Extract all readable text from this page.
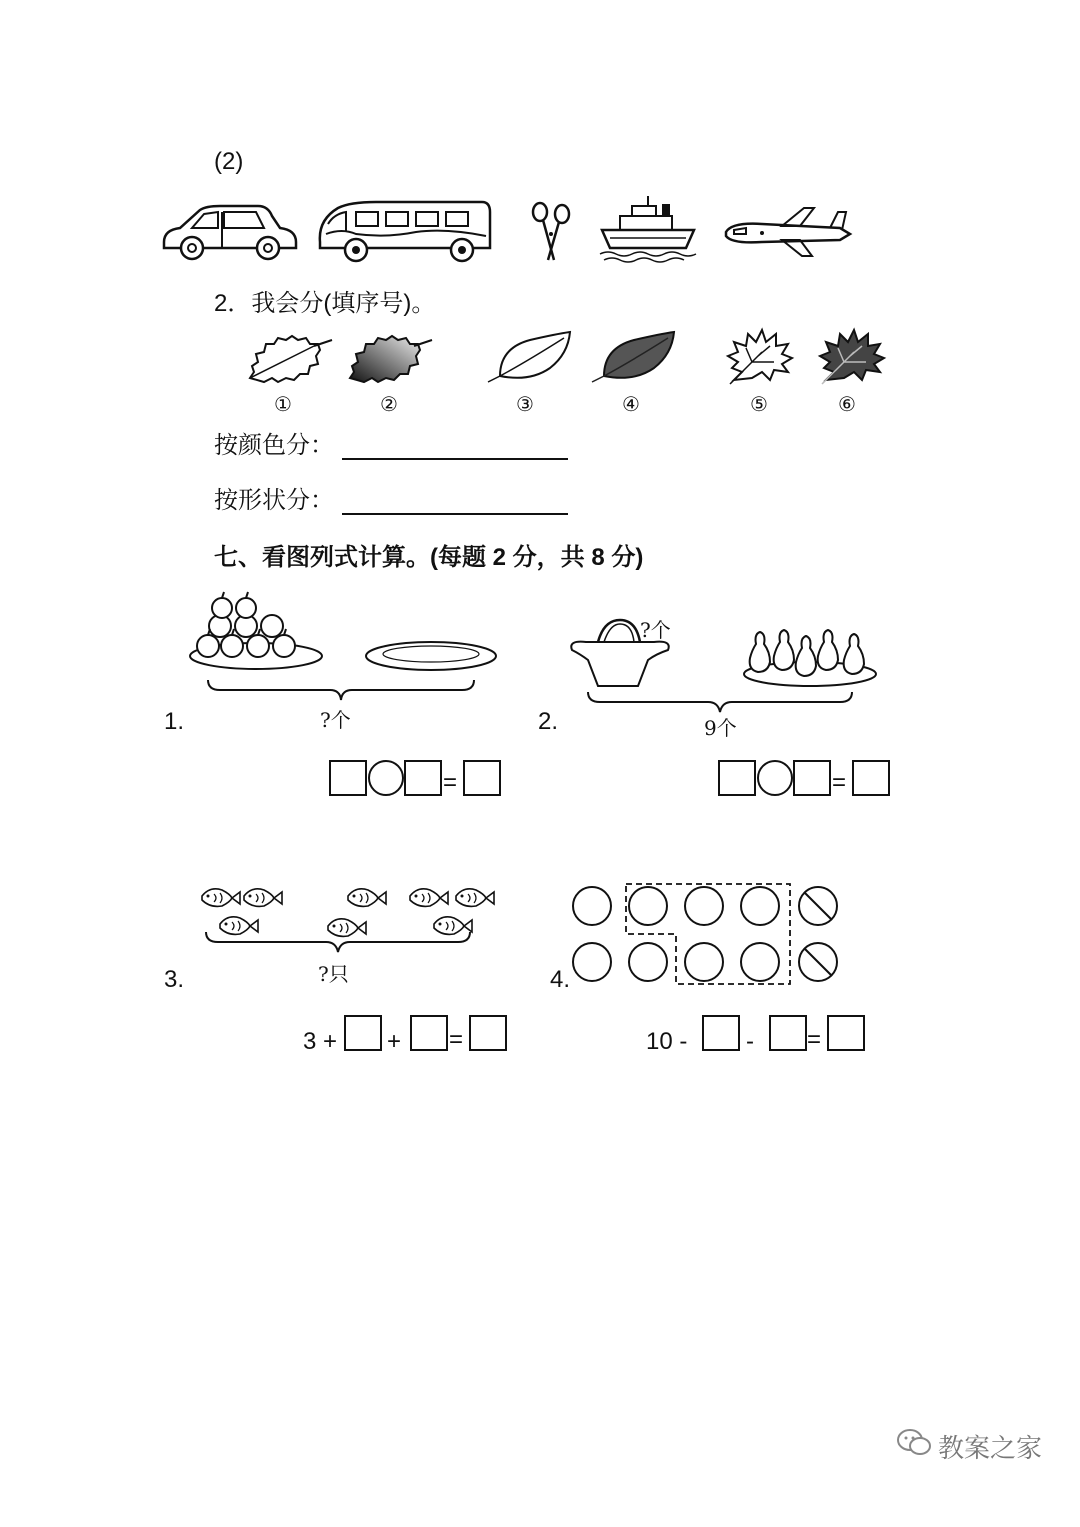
(2)
2．我会分(填序号)。
①	②	③	④	⑤	⑥
按颜色分：
按形状分：
七、看图列式计算。(每题 2 分，共 8 分)
?个
1.
=
?个
9个
2.
=
?只
3.
3 + + =
4.
10 - - =
教案之家
